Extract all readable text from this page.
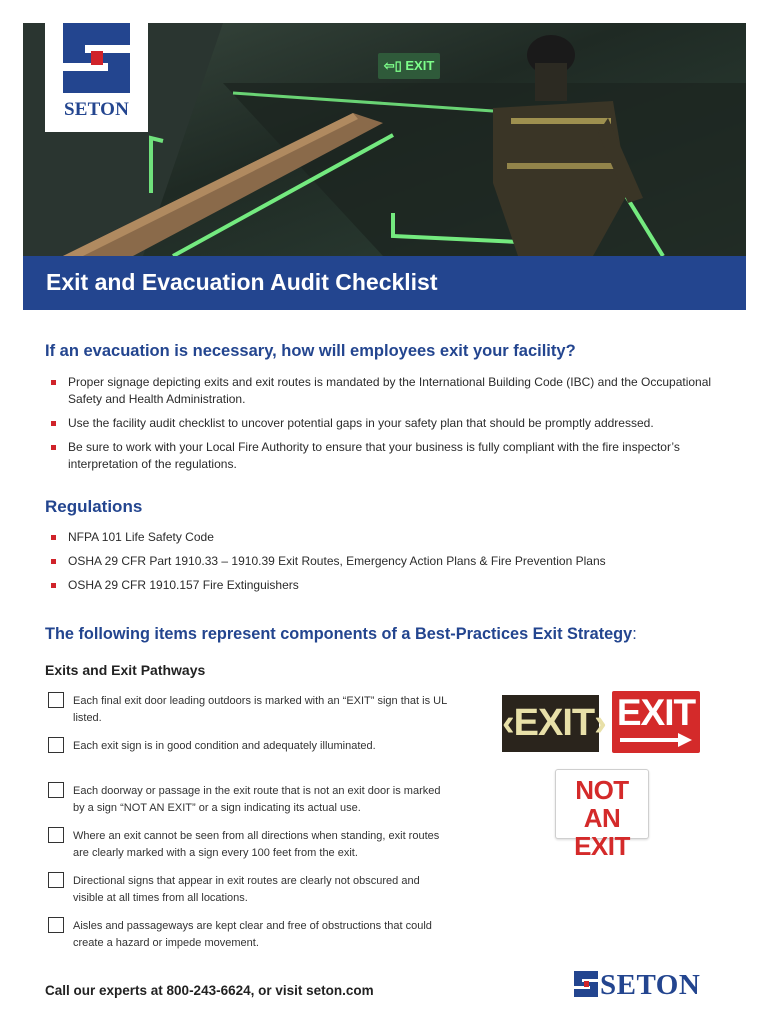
SETON
⇦▯ EXIT
Exit and Evacuation Audit Checklist
If an evacuation is necessary, how will employees exit your facility?
Proper signage depicting exits and exit routes is mandated by the International Building Code (IBC) and the Occupational Safety and Health Administration.
Use the facility audit checklist to uncover potential gaps in your safety plan that should be promptly addressed.
Be sure to work with your Local Fire Authority to ensure that your business is fully compliant with the fire inspector’s interpretation of the regulations.
Regulations
NFPA 101 Life Safety Code
OSHA 29 CFR Part 1910.33 – 1910.39 Exit Routes, Emergency Action Plans & Fire Prevention Plans
OSHA 29 CFR 1910.157 Fire Extinguishers
The following items represent components of a Best-Practices Exit Strategy:
Exits and Exit Pathways
Each final exit door leading outdoors is marked with an “EXIT” sign that is UL listed.
Each exit sign is in good condition and adequately illuminated.
Each doorway or passage in the exit route that is not an exit door is marked by a sign “NOT AN EXIT” or a sign indicating its actual use.
Where an exit cannot be seen from all directions when standing, exit routes are clearly marked with a sign every 100 feet from the exit.
Directional signs that appear in exit routes are clearly not obscured and visible at all times from all locations.
Aisles and passageways are kept clear and free of obstructions that could create a hazard or impede movement.
‹EXIT› EXIT
NOT AN
EXIT

Call our experts at 800-243-6624, or visit seton.com	SETON
